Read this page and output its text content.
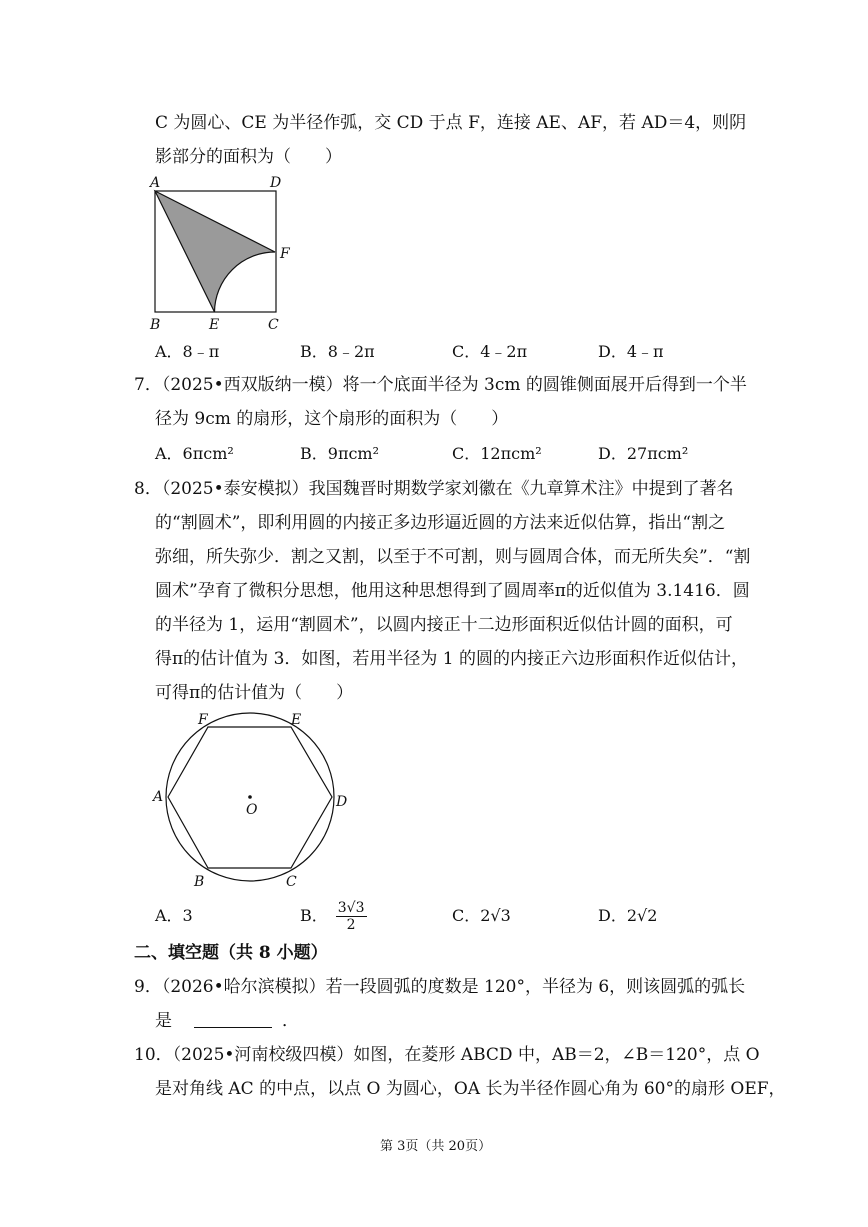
C 为圆心、CE 为半径作弧，交 CD 于点 F，连接 AE、AF，若 AD＝4，则阴
影部分的面积为（　　）
A	D
F
B	E	C
A．8﹣π	B．8﹣2π	C．4﹣2π	D．4﹣π
7．（2025•西双版纳一模）将一个底面半径为 3cm 的圆锥侧面展开后得到一个半
径为 9cm 的扇形，这个扇形的面积为（　　）
A．6πcm²	B．9πcm²	C．12πcm²	D．27πcm²
8．（2025•泰安模拟）我国魏晋时期数学家刘徽在《九章算术注》中提到了著名
的“割圆术”，即利用圆的内接正多边形逼近圆的方法来近似估算，指出“割之
弥细，所失弥少．割之又割，以至于不可割，则与圆周合体，而无所失矣”．“割
圆术”孕育了微积分思想，他用这种思想得到了圆周率π的近似值为 3.1416．圆
的半径为 1，运用“割圆术”，以圆内接正十二边形面积近似估计圆的面积，可
得π的估计值为 3．如图，若用半径为 1 的圆的内接正六边形面积作近似估计，
可得π的估计值为（　　）
F	E
A
O	D
B	C
A．3	B． $\frac{3√3}{2}$	C．2√3	D．2√2
二、填空题（共 8 小题）
9．（2026•哈尔滨模拟）若一段圆弧的度数是 120°，半径为 6，则该圆弧的弧长
是	．
10．（2025•河南校级四模）如图，在菱形 ABCD 中，AB＝2，∠B＝120°，点 O
是对角线 AC 的中点，以点 O 为圆心，OA 长为半径作圆心角为 60°的扇形 OEF，
第 3页（共 20页）
